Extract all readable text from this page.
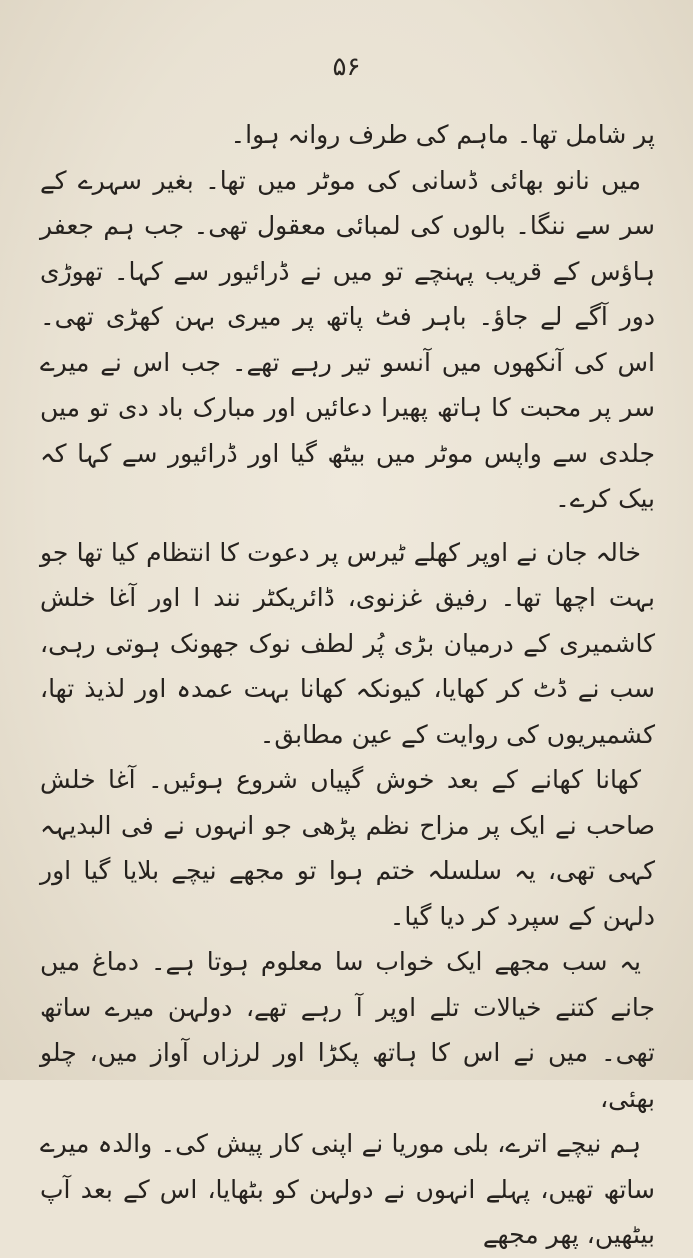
۵۶

پر شامل تھا۔ ماہم کی طرف روانہ ہوا۔

میں نانو بھائی ڈسانی کی موٹر میں تھا۔ بغیر سہرے کے سر سے ننگا۔ بالوں کی لمبائی معقول تھی۔ جب ہم جعفر ہاؤس کے قریب پہنچے تو میں نے ڈرائیور سے کہا۔ تھوڑی دور آگے لے جاؤ۔ باہر فٹ پاتھ پر میری بہن کھڑی تھی۔ اس کی آنکھوں میں آنسو تیر رہے تھے۔ جب اس نے میرے سر پر محبت کا ہاتھ پھیرا دعائیں اور مبارک باد دی تو میں جلدی سے واپس موٹر میں بیٹھ گیا اور ڈرائیور سے کہا کہ بیک کرے۔

خالہ جان نے اوپر کھلے ٹیرس پر دعوت کا انتظام کیا تھا جو بہت اچھا تھا۔ رفیق غزنوی، ڈائریکٹر نند ا اور آغا خلش کاشمیری کے درمیان بڑی پُر لطف نوک جھونک ہوتی رہی، سب نے ڈٹ کر کھایا، کیونکہ کھانا بہت عمدہ اور لذیذ تھا، کشمیریوں کی روایت کے عین مطابق۔

کھانا کھانے کے بعد خوش گپیاں شروع ہوئیں۔ آغا خلش صاحب نے ایک پر مزاح نظم پڑھی جو انہوں نے فی البدیہہ کہی تھی، یہ سلسلہ ختم ہوا تو مجھے نیچے بلایا گیا اور دلہن کے سپرد کر دیا گیا۔

یہ سب مجھے ایک خواب سا معلوم ہوتا ہے۔ دماغ میں جانے کتنے خیالات تلے اوپر آ رہے تھے، دولہن میرے ساتھ تھی۔ میں نے اس کا ہاتھ پکڑا اور لرزاں آواز میں، چلو بھئی،

ہم نیچے اترے، بلی موریا نے اپنی کار پیش کی۔ والدہ میرے ساتھ تھیں، پہلے انہوں نے دولہن کو بٹھایا، اس کے بعد آپ بیٹھیں، پھر مجھے
